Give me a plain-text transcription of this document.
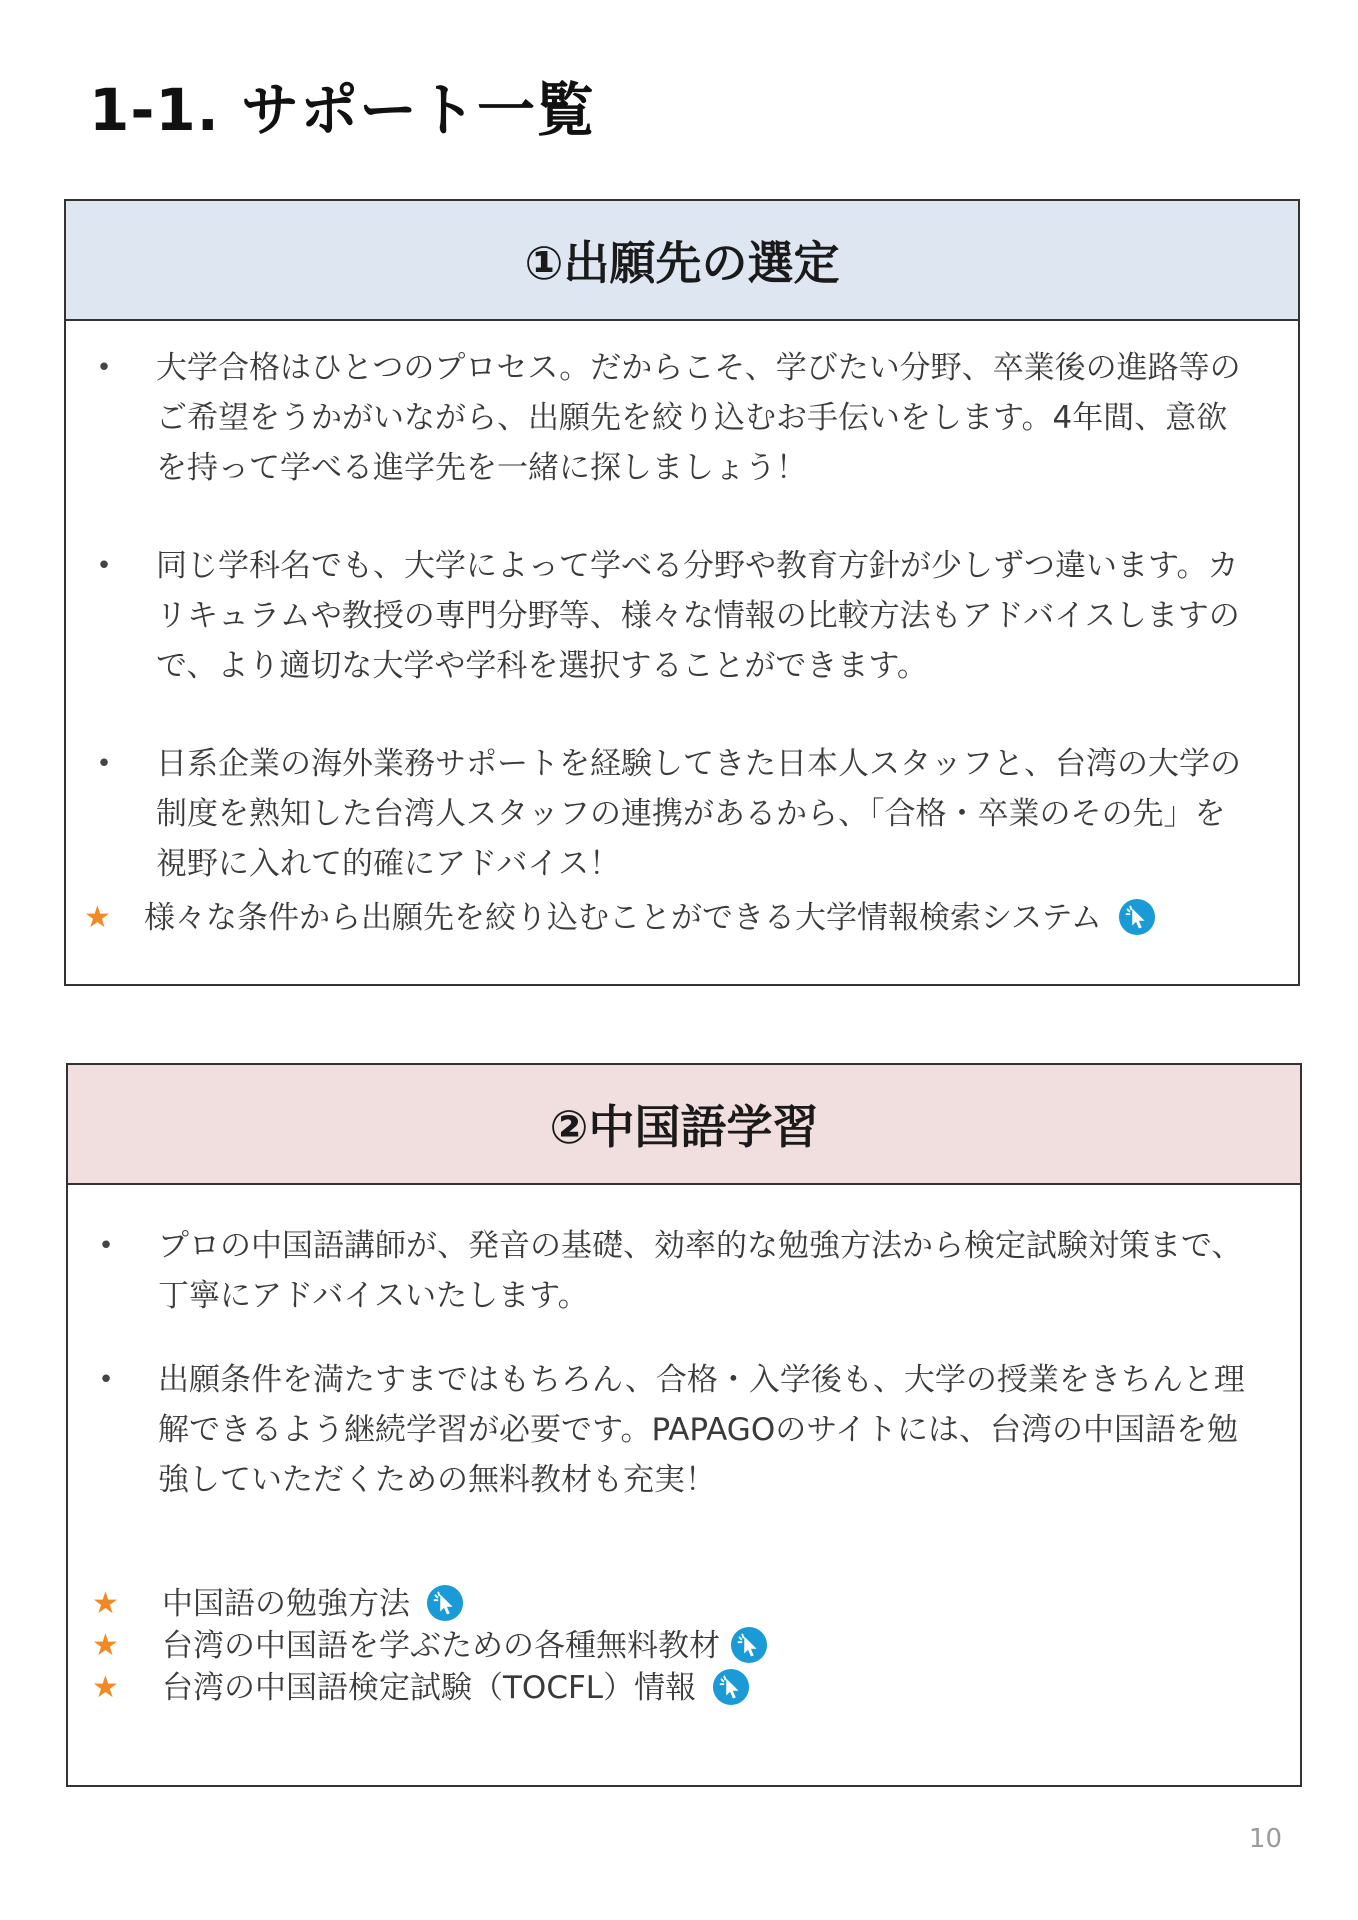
1-1. サポート一覧
①出願先の選定
• 大学合格はひとつのプロセス。だからこそ、学びたい分野、卒業後の進路等のご希望をうかがいながら、出願先を絞り込むお手伝いをします。4年間、意欲を持って学べる進学先を一緒に探しましょう！
• 同じ学科名でも、大学によって学べる分野や教育方針が少しずつ違います。カリキュラムや教授の専門分野等、様々な情報の比較方法もアドバイスしますので、より適切な大学や学科を選択することができます。
• 日系企業の海外業務サポートを経験してきた日本人スタッフと、台湾の大学の制度を熟知した台湾人スタッフの連携があるから、「合格・卒業のその先」を視野に入れて的確にアドバイス！
★ 様々な条件から出願先を絞り込むことができる大学情報検索システム
②中国語学習
• プロの中国語講師が、発音の基礎、効率的な勉強方法から検定試験対策まで、丁寧にアドバイスいたします。
• 出願条件を満たすまではもちろん、合格・入学後も、大学の授業をきちんと理解できるよう継続学習が必要です。PAPAGOのサイトには、台湾の中国語を勉強していただくための無料教材も充実！
★ 中国語の勉強方法
★ 台湾の中国語を学ぶための各種無料教材
★ 台湾の中国語検定試験（TOCFL）情報
10
